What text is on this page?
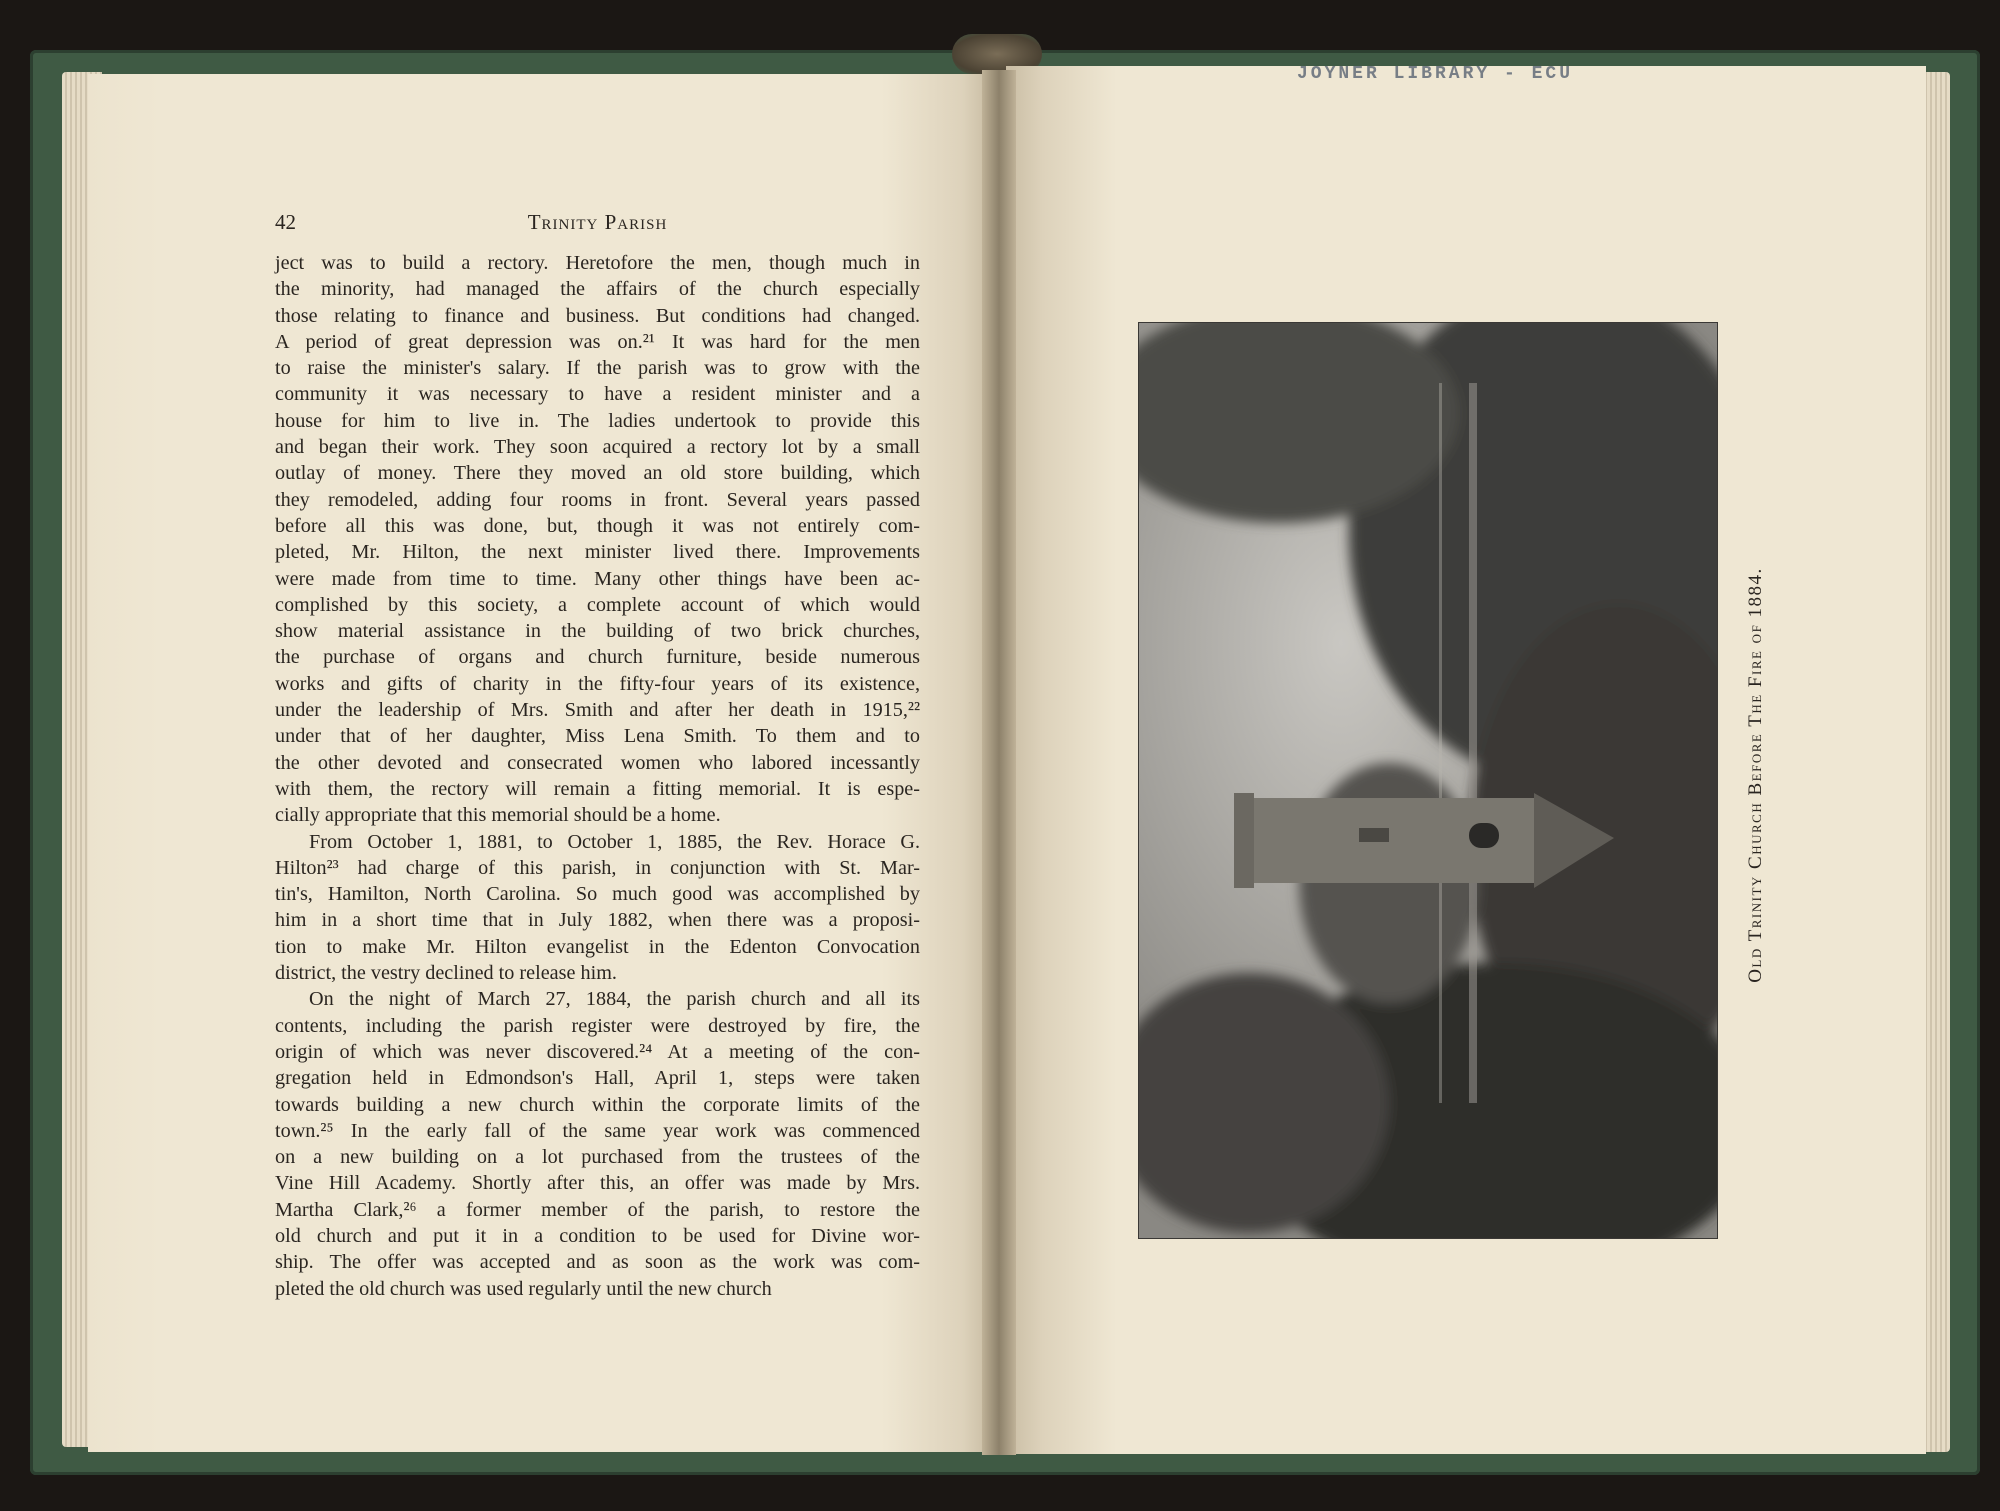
JOYNER LIBRARY - ECU
42	Trinity Parish

ject was to build a rectory. Heretofore the men, though much in
the minority, had managed the affairs of the church especially
those relating to finance and business. But conditions had changed.
A period of great depression was on.²¹ It was hard for the men
to raise the minister's salary. If the parish was to grow with the
community it was necessary to have a resident minister and a
house for him to live in. The ladies undertook to provide this
and began their work. They soon acquired a rectory lot by a small
outlay of money. There they moved an old store building, which
they remodeled, adding four rooms in front. Several years passed
before all this was done, but, though it was not entirely com-
pleted, Mr. Hilton, the next minister lived there. Improvements
were made from time to time. Many other things have been ac-
complished by this society, a complete account of which would
show material assistance in the building of two brick churches,
the purchase of organs and church furniture, beside numerous
works and gifts of charity in the fifty-four years of its existence,
under the leadership of Mrs. Smith and after her death in 1915,²²
under that of her daughter, Miss Lena Smith. To them and to
the other devoted and consecrated women who labored incessantly
with them, the rectory will remain a fitting memorial. It is espe-
cially appropriate that this memorial should be a home.

From October 1, 1881, to October 1, 1885, the Rev. Horace G.
Hilton²³ had charge of this parish, in conjunction with St. Mar-
tin's, Hamilton, North Carolina. So much good was accomplished by
him in a short time that in July 1882, when there was a proposi-
tion to make Mr. Hilton evangelist in the Edenton Convocation
district, the vestry declined to release him.

On the night of March 27, 1884, the parish church and all its
contents, including the parish register were destroyed by fire, the
origin of which was never discovered.²⁴ At a meeting of the con-
gregation held in Edmondson's Hall, April 1, steps were taken
towards building a new church within the corporate limits of the
town.²⁵ In the early fall of the same year work was commenced
on a new building on a lot purchased from the trustees of the
Vine Hill Academy. Shortly after this, an offer was made by Mrs.
Martha Clark,²⁶ a former member of the parish, to restore the
old church and put it in a condition to be used for Divine wor-
ship. The offer was accepted and as soon as the work was com-
pleted the old church was used regularly until the new church

Old Trinity Church Before The Fire of 1884.
